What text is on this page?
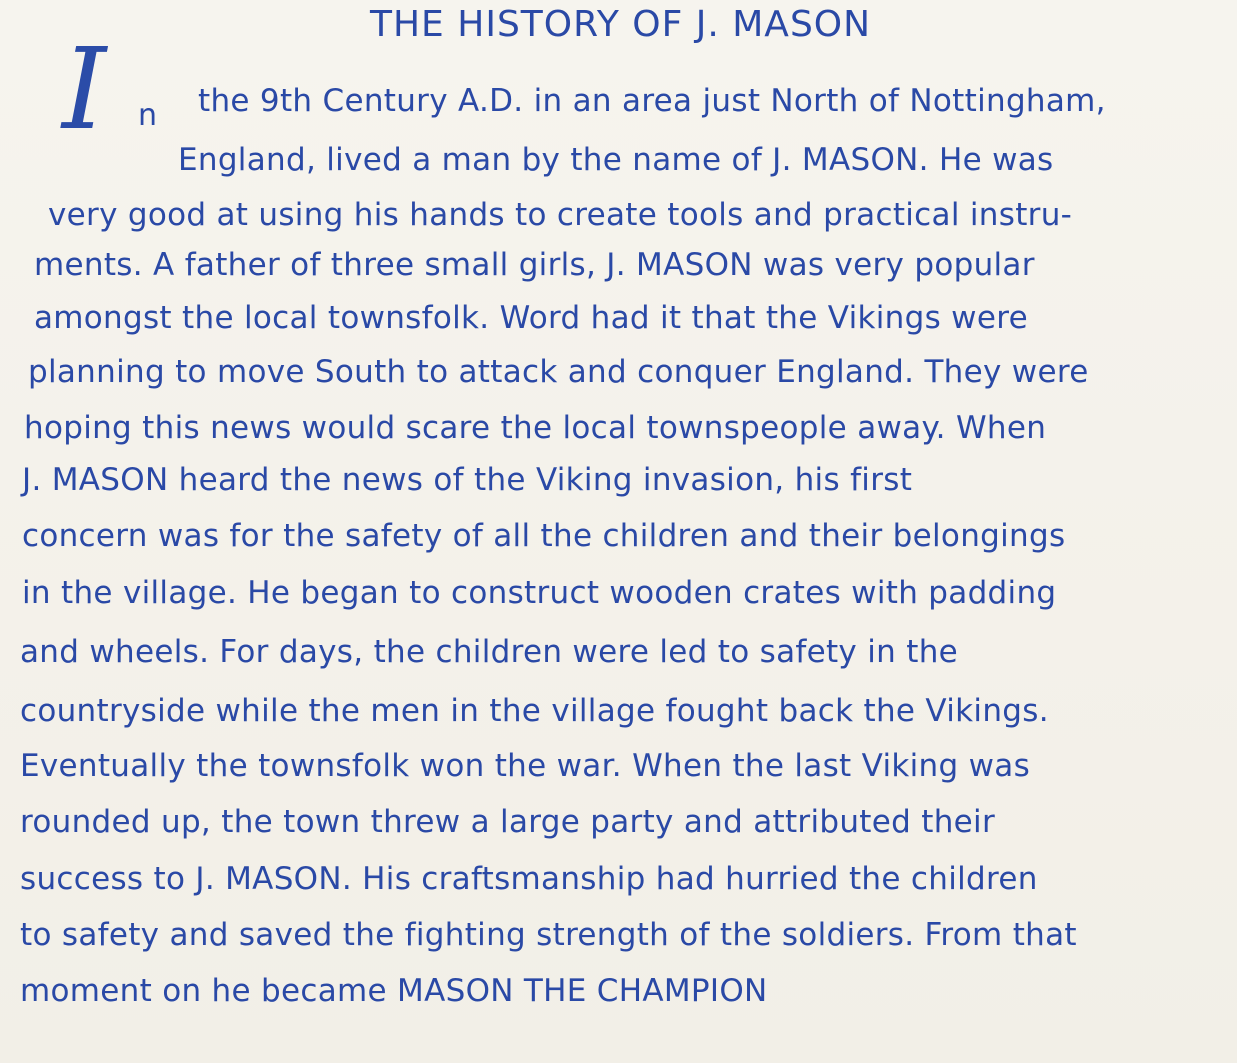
THE HISTORY OF J. MASON
I n the 9th Century A.D. in an area just North of Nottingham,
England, lived a man by the name of J. MASON. He was
very good at using his hands to create tools and practical instru-
ments. A father of three small girls, J. MASON was very popular
amongst the local townsfolk. Word had it that the Vikings were
planning to move South to attack and conquer England. They were
hoping this news would scare the local townspeople away. When
J. MASON heard the news of the Viking invasion, his first
concern was for the safety of all the children and their belongings
in the village. He began to construct wooden crates with padding
and wheels. For days, the children were led to safety in the
countryside while the men in the village fought back the Vikings.
Eventually the townsfolk won the war. When the last Viking was
rounded up, the town threw a large party and attributed their
success to J. MASON. His craftsmanship had hurried the children
to safety and saved the fighting strength of the soldiers. From that
moment on he became MASON THE CHAMPION
